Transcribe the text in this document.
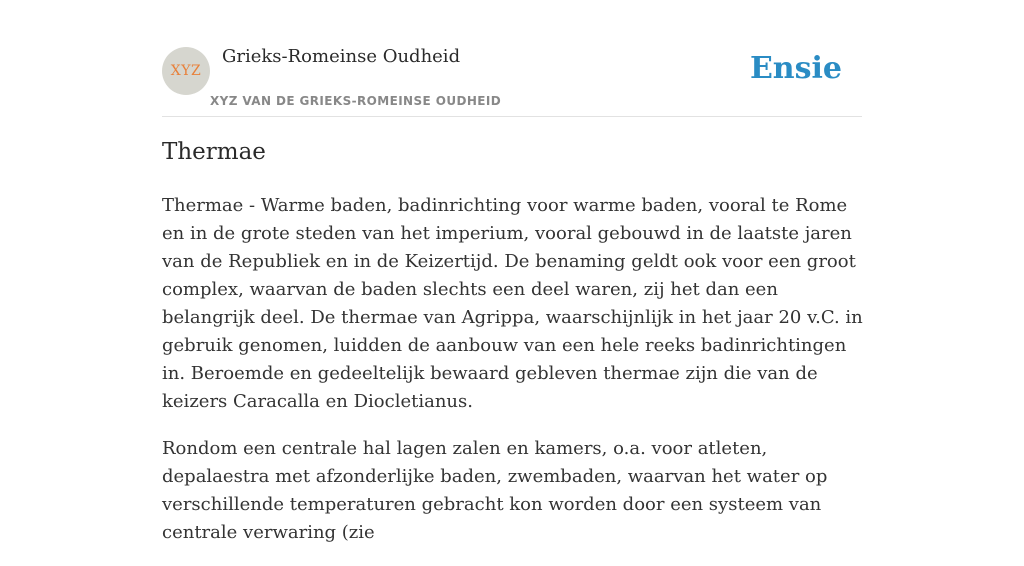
XYZ
Grieks-Romeinse Oudheid
XYZ VAN DE GRIEKS-ROMEINSE OUDHEID
Ensie
Thermae

Thermae - Warme baden, badinrichting voor warme baden, vooral te Rome en in de grote steden van het imperium, vooral gebouwd in de laatste jaren van de Republiek en in de Keizertijd. De benaming geldt ook voor een groot complex, waarvan de baden slechts een deel waren, zij het dan een belangrijk deel. De thermae van Agrippa, waarschijnlijk in het jaar 20 v.C. in gebruik genomen, luidden de aanbouw van een hele reeks badinrichtingen in. Beroemde en gedeeltelijk bewaard gebleven thermae zijn die van de keizers Caracalla en Diocletianus.

Rondom een centrale hal lagen zalen en kamers, o.a. voor atleten, depalaestra met afzonderlijke baden, zwembaden, waarvan het water op verschillende temperaturen gebracht kon worden door een systeem van centrale verwaring (zie
